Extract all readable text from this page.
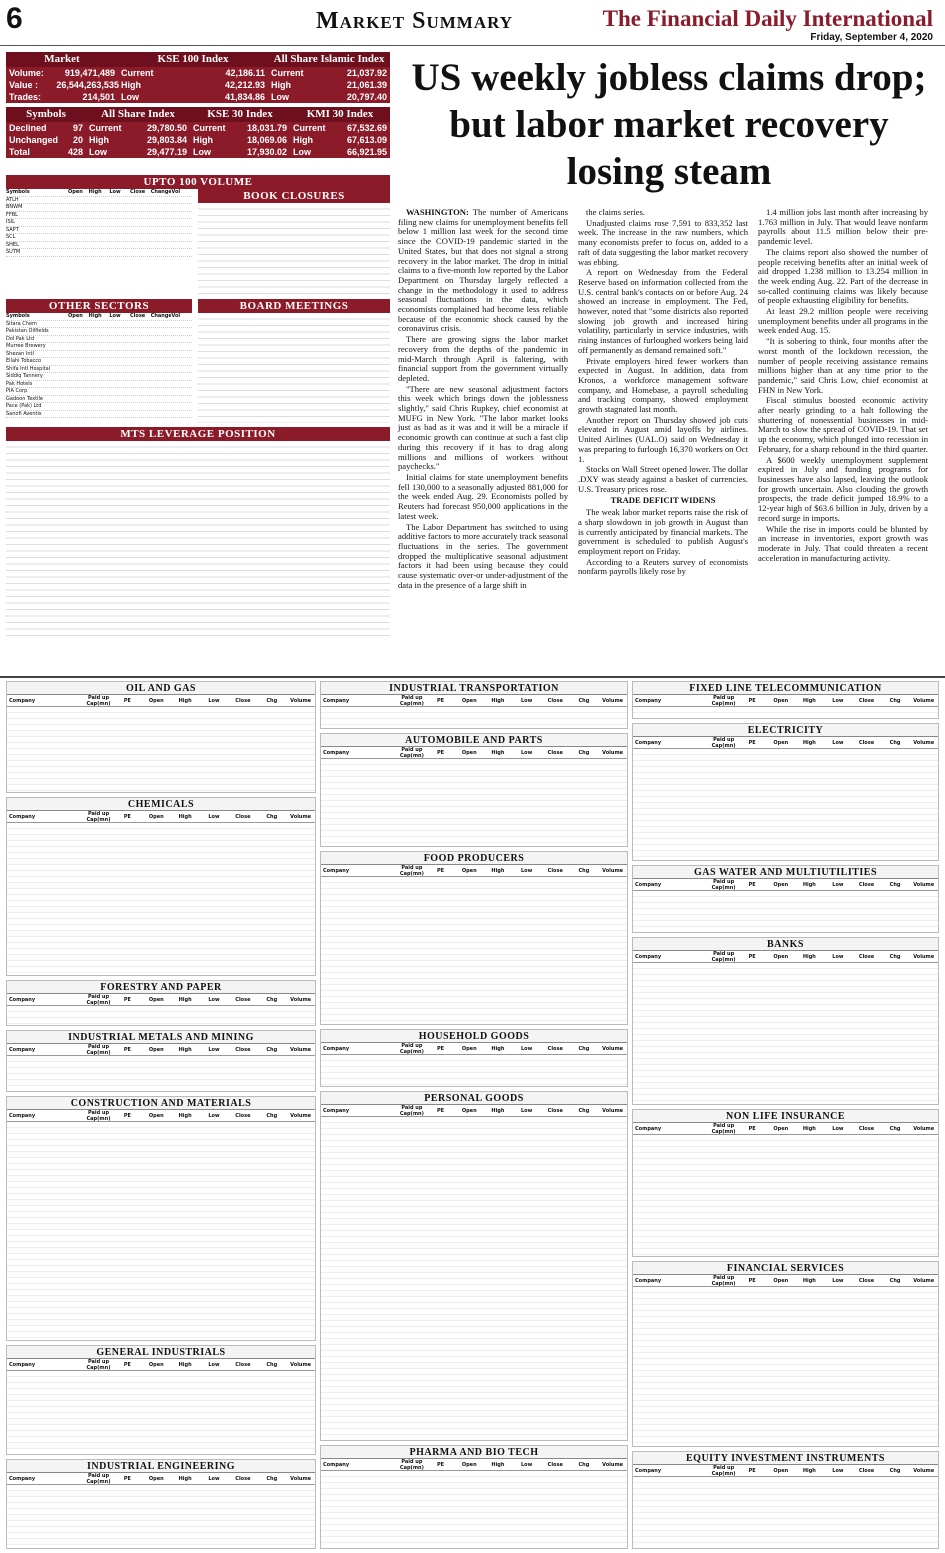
6	Market Summary	The Financial Daily International
Friday, September 4, 2020
Market	KSE 100 Index	All Share Islamic Index
Volume:	919,471,489 Current	42,186.11 Current	21,037.92
Value :	26,544,263,535 High	42,212.93 High	21,061.39
Trades:	214,501 Low	41,834.86 Low	20,797.40
Symbols	All Share Index	KSE 30 Index	KMI 30 Index
Declined	97 Current	29,780.50 Current	18,031.79 Current	67,532.69
Unchanged	20 High	29,803.84 High	18,069.06 High	67,613.09
Total	428 Low	29,477.19 Low	17,930.02 Low	66,921.95
UPTO 100 VOLUME
Symbols	Open	High	Low	Close	Change Vol
ATLH
BNWM
FFBL
ISIL
SAPT
SCL
SHEL
SUTM
BOOK CLOSURES
OTHER SECTORS
Symbols	Open	High	Low	Close	Change Vol
Sitara Chem
Pakistan Oilfields
Dol Pak Ltd
Murree Brewery
Shezan Intl
Ellahi Tobacco
Shifa Intl Hospital
Siddiq Tannery
Pak Hotels
PIA Corp
Gadoon Textile
Pace (Pak) Ltd
Sanofi Aventis
BOARD MEETINGS
MTS LEVERAGE POSITION
US weekly jobless claims drop; but labor market recovery losing steam

WASHINGTON: The number of Americans filing new claims for unemployment benefits fell below 1 million last week for the second time since the COVID-19 pandemic started in the United States, but that does not signal a strong recovery in the labor market. The drop in initial claims to a five-month low reported by the Labor Department on Thursday largely reflected a change in the methodology it used to address seasonal fluctuations in the data, which economists complained had become less reliable because of the economic shock caused by the coronavirus crisis.

There are growing signs the labor market recovery from the depths of the pandemic in mid-March through April is faltering, with financial support from the government virtually depleted.

"There are new seasonal adjustment factors this week which brings down the joblessness slightly," said Chris Rupkey, chief economist at MUFG in New York. "The labor market looks just as bad as it was and it will be a miracle if economic growth can continue at such a fast clip during this recovery if it has to drag along millions and millions of workers without paychecks."

Initial claims for state unemployment benefits fell 130,000 to a seasonally adjusted 881,000 for the week ended Aug. 29. Economists polled by Reuters had forecast 950,000 applications in the latest week.

The Labor Department has switched to using additive factors to more accurately track seasonal fluctuations in the series. The government dropped the multiplicative seasonal adjustment factors it had been using because they could cause systematic over-or under-adjustment of the data in the presence of a large shift in

the claims series.

Unadjusted claims rose 7,591 to 833,352 last week. The increase in the raw numbers, which many economists prefer to focus on, added to a raft of data suggesting the labor market recovery was ebbing.

A report on Wednesday from the Federal Reserve based on information collected from the U.S. central bank's contacts on or before Aug. 24 showed an increase in employment. The Fed, however, noted that "some districts also reported slowing job growth and increased hiring volatility, particularly in service industries, with rising instances of furloughed workers being laid off permanently as demand remained soft."

Private employers hired fewer workers than expected in August. In addition, data from Kronos, a workforce management software company, and Homebase, a payroll scheduling and tracking company, showed employment growth stagnated last month.

Another report on Thursday showed job cuts elevated in August amid layoffs by airlines. United Airlines (UAL.O) said on Wednesday it was preparing to furlough 16,370 workers on Oct 1.

Stocks on Wall Street opened lower. The dollar .DXY was steady against a basket of currencies. U.S. Treasury prices rose.

TRADE DEFICIT WIDENS

The weak labor market reports raise the risk of a sharp slowdown in job growth in August than is currently anticipated by financial markets. The government is scheduled to publish August's employment report on Friday.

According to a Reuters survey of economists nonfarm payrolls likely rose by

1.4 million jobs last month after increasing by 1.763 million in July. That would leave nonfarm payrolls about 11.5 million below their pre-pandemic level.

The claims report also showed the number of people receiving benefits after an initial week of aid dropped 1.238 million to 13.254 million in the week ending Aug. 22. Part of the decrease in so-called continuing claims was likely because of people exhausting eligibility for benefits.

At least 29.2 million people were receiving unemployment benefits under all programs in the week ended Aug. 15.

"It is sobering to think, four months after the worst month of the lockdown recession, the number of people receiving assistance remains millions higher than at any time prior to the pandemic," said Chris Low, chief economist at FHN in New York.

Fiscal stimulus boosted economic activity after nearly grinding to a halt following the shuttering of nonessential businesses in mid-March to slow the spread of COVID-19. That set up the economy, which plunged into recession in February, for a sharp rebound in the third quarter.

A $600 weekly unemployment supplement expired in July and funding programs for businesses have also lapsed, leaving the outlook for growth uncertain. Also clouding the growth prospects, the trade deficit jumped 18.9% to a 12-year high of $63.6 billion in July, driven by a record surge in imports.

While the rise in imports could be blunted by an increase in inventories, export growth was moderate in July. That could threaten a recent acceleration in manufacturing activity.

OIL AND GAS
Company	Paid up Cap(mn)	PE	Open	High	Low	Close	Chg	Volume
CHEMICALS
Company	Paid up Cap(mn)	PE	Open	High	Low	Close	Chg	Volume
FORESTRY AND PAPER
Company	Paid up Cap(mn)	PE	Open	High	Low	Close	Chg	Volume
INDUSTRIAL METALS AND MINING
Company	Paid up Cap(mn)	PE	Open	High	Low	Close	Chg	Volume
CONSTRUCTION AND MATERIALS
Company	Paid up Cap(mn)	PE	Open	High	Low	Close	Chg	Volume
GENERAL INDUSTRIALS
Company	Paid up Cap(mn)	PE	Open	High	Low	Close	Chg	Volume
INDUSTRIAL ENGINEERING
Company	Paid up Cap(mn)	PE	Open	High	Low	Close	Chg	Volume
INDUSTRIAL TRANSPORTATION
Company	Paid up Cap(mn)	PE	Open	High	Low	Close	Chg	Volume
AUTOMOBILE AND PARTS
Company	Paid up Cap(mn)	PE	Open	High	Low	Close	Chg	Volume
FOOD PRODUCERS
Company	Paid up Cap(mn)	PE	Open	High	Low	Close	Chg	Volume
HOUSEHOLD GOODS
Company	Paid up Cap(mn)	PE	Open	High	Low	Close	Chg	Volume
PERSONAL GOODS
Company	Paid up Cap(mn)	PE	Open	High	Low	Close	Chg	Volume
PHARMA AND BIO TECH
Company	Paid up Cap(mn)	PE	Open	High	Low	Close	Chg	Volume
FIXED LINE TELECOMMUNICATION
Company	Paid up Cap(mn)	PE	Open	High	Low	Close	Chg	Volume
ELECTRICITY
Company	Paid up Cap(mn)	PE	Open	High	Low	Close	Chg	Volume
GAS WATER AND MULTIUTILITIES
Company	Paid up Cap(mn)	PE	Open	High	Low	Close	Chg	Volume
BANKS
Company	Paid up Cap(mn)	PE	Open	High	Low	Close	Chg	Volume
NON LIFE INSURANCE
Company	Paid up Cap(mn)	PE	Open	High	Low	Close	Chg	Volume
FINANCIAL SERVICES
Company	Paid up Cap(mn)	PE	Open	High	Low	Close	Chg	Volume
EQUITY INVESTMENT INSTRUMENTS
Company	Paid up Cap(mn)	PE	Open	High	Low	Close	Chg	Volume
